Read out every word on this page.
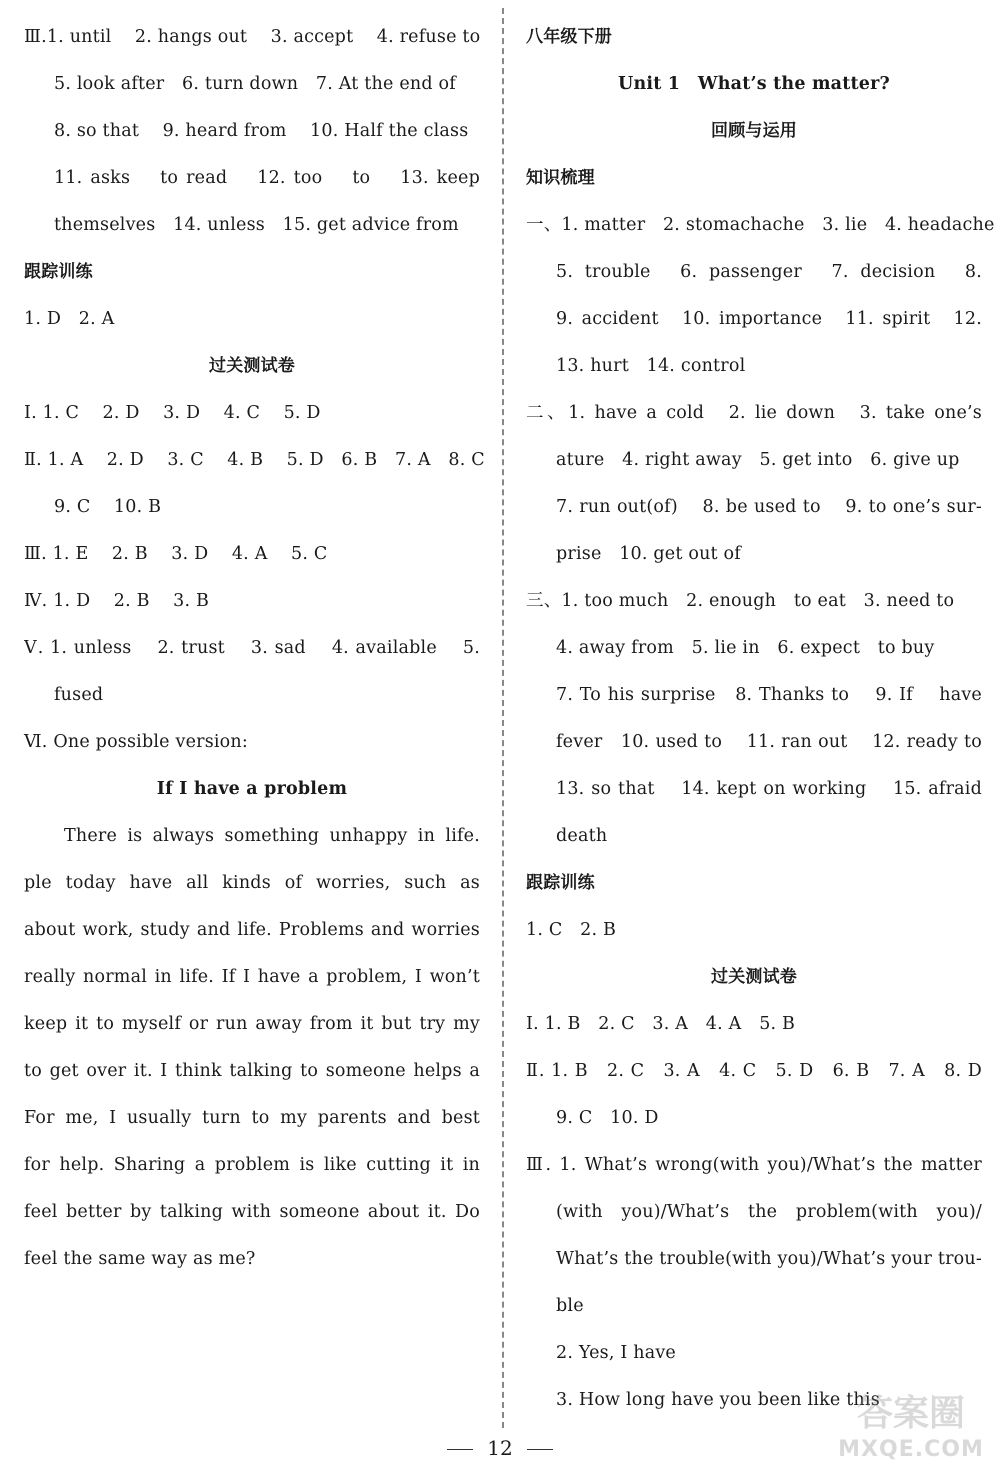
Ⅲ.1. until　 2. hangs out　 3. accept　 4. refuse to
5. look after　6. turn down　7. At the end of
8. so that　 9. heard from　 10. Half the class
11. asks　 to read　 12. too　 to　 13. keep　
themselves　14. unless　15. get advice from
跟踪训练
1. D　2. A
过关测试卷
Ⅰ. 1. C　 2. D　 3. D　 4. C　 5. D
Ⅱ. 1. A　 2. D　 3. C　 4. B　 5. D　6. B　7. A　8. C
9. C　 10. B
Ⅲ. 1. E　 2. B　 3. D　 4. A　 5. C
Ⅳ. 1. D　 2. B　 3. B
Ⅴ. 1. unless　 2. trust　 3. sad　 4. available　 5.
fused
Ⅵ. One possible version:
If I have a problem
There is always something unhappy in life.
ple today have all kinds of worries, such as
about work, study and life. Problems and worries
really normal in life. If I have a problem, I won’t
keep it to myself or run away from it but try my
to get over it. I think talking to someone helps a
For me, I usually turn to my parents and best
for help. Sharing a problem is like cutting it in
feel better by talking with someone about it. Do
feel the same way as me?
八年级下册
Unit 1　What’s the matter?
回顾与运用
知识梳理
一、1. matter　2. stomachache　3. lie　4. headache
5. trouble　6. passenger　7. decision　8.
9. accident　10. importance　11. spirit　12.
13. hurt　14. control
二、1. have a cold　2. lie down　3. take one’s
ature　4. right away　5. get into　6. give up
7. run out(of)　 8. be used to　 9. to one’s sur-
prise　10. get out of
三、1. too much　2. enough　to eat　3. need to
4. away from　5. lie in　6. expect　to buy
7. To his surprise　8. Thanks to　 9. If　 have
fever　10. used to　 11. ran out　 12. ready to
13. so that　 14. kept on working　 15. afraid
death
跟踪训练
1. C　2. B
过关测试卷
Ⅰ. 1. B　2. C　3. A　4. A　5. B
Ⅱ. 1. B　2. C　3. A　4. C　5. D　6. B　7. A　8. D
9. C　10. D
Ⅲ. 1. What’s wrong(with you)/What’s the matter
(with　you)/What’s　the　problem(with　you)/
What’s the trouble(with you)/What’s your trou-
ble
2. Yes, I have
3. How long have you been like this
12
答案圈
MXQE.COM
